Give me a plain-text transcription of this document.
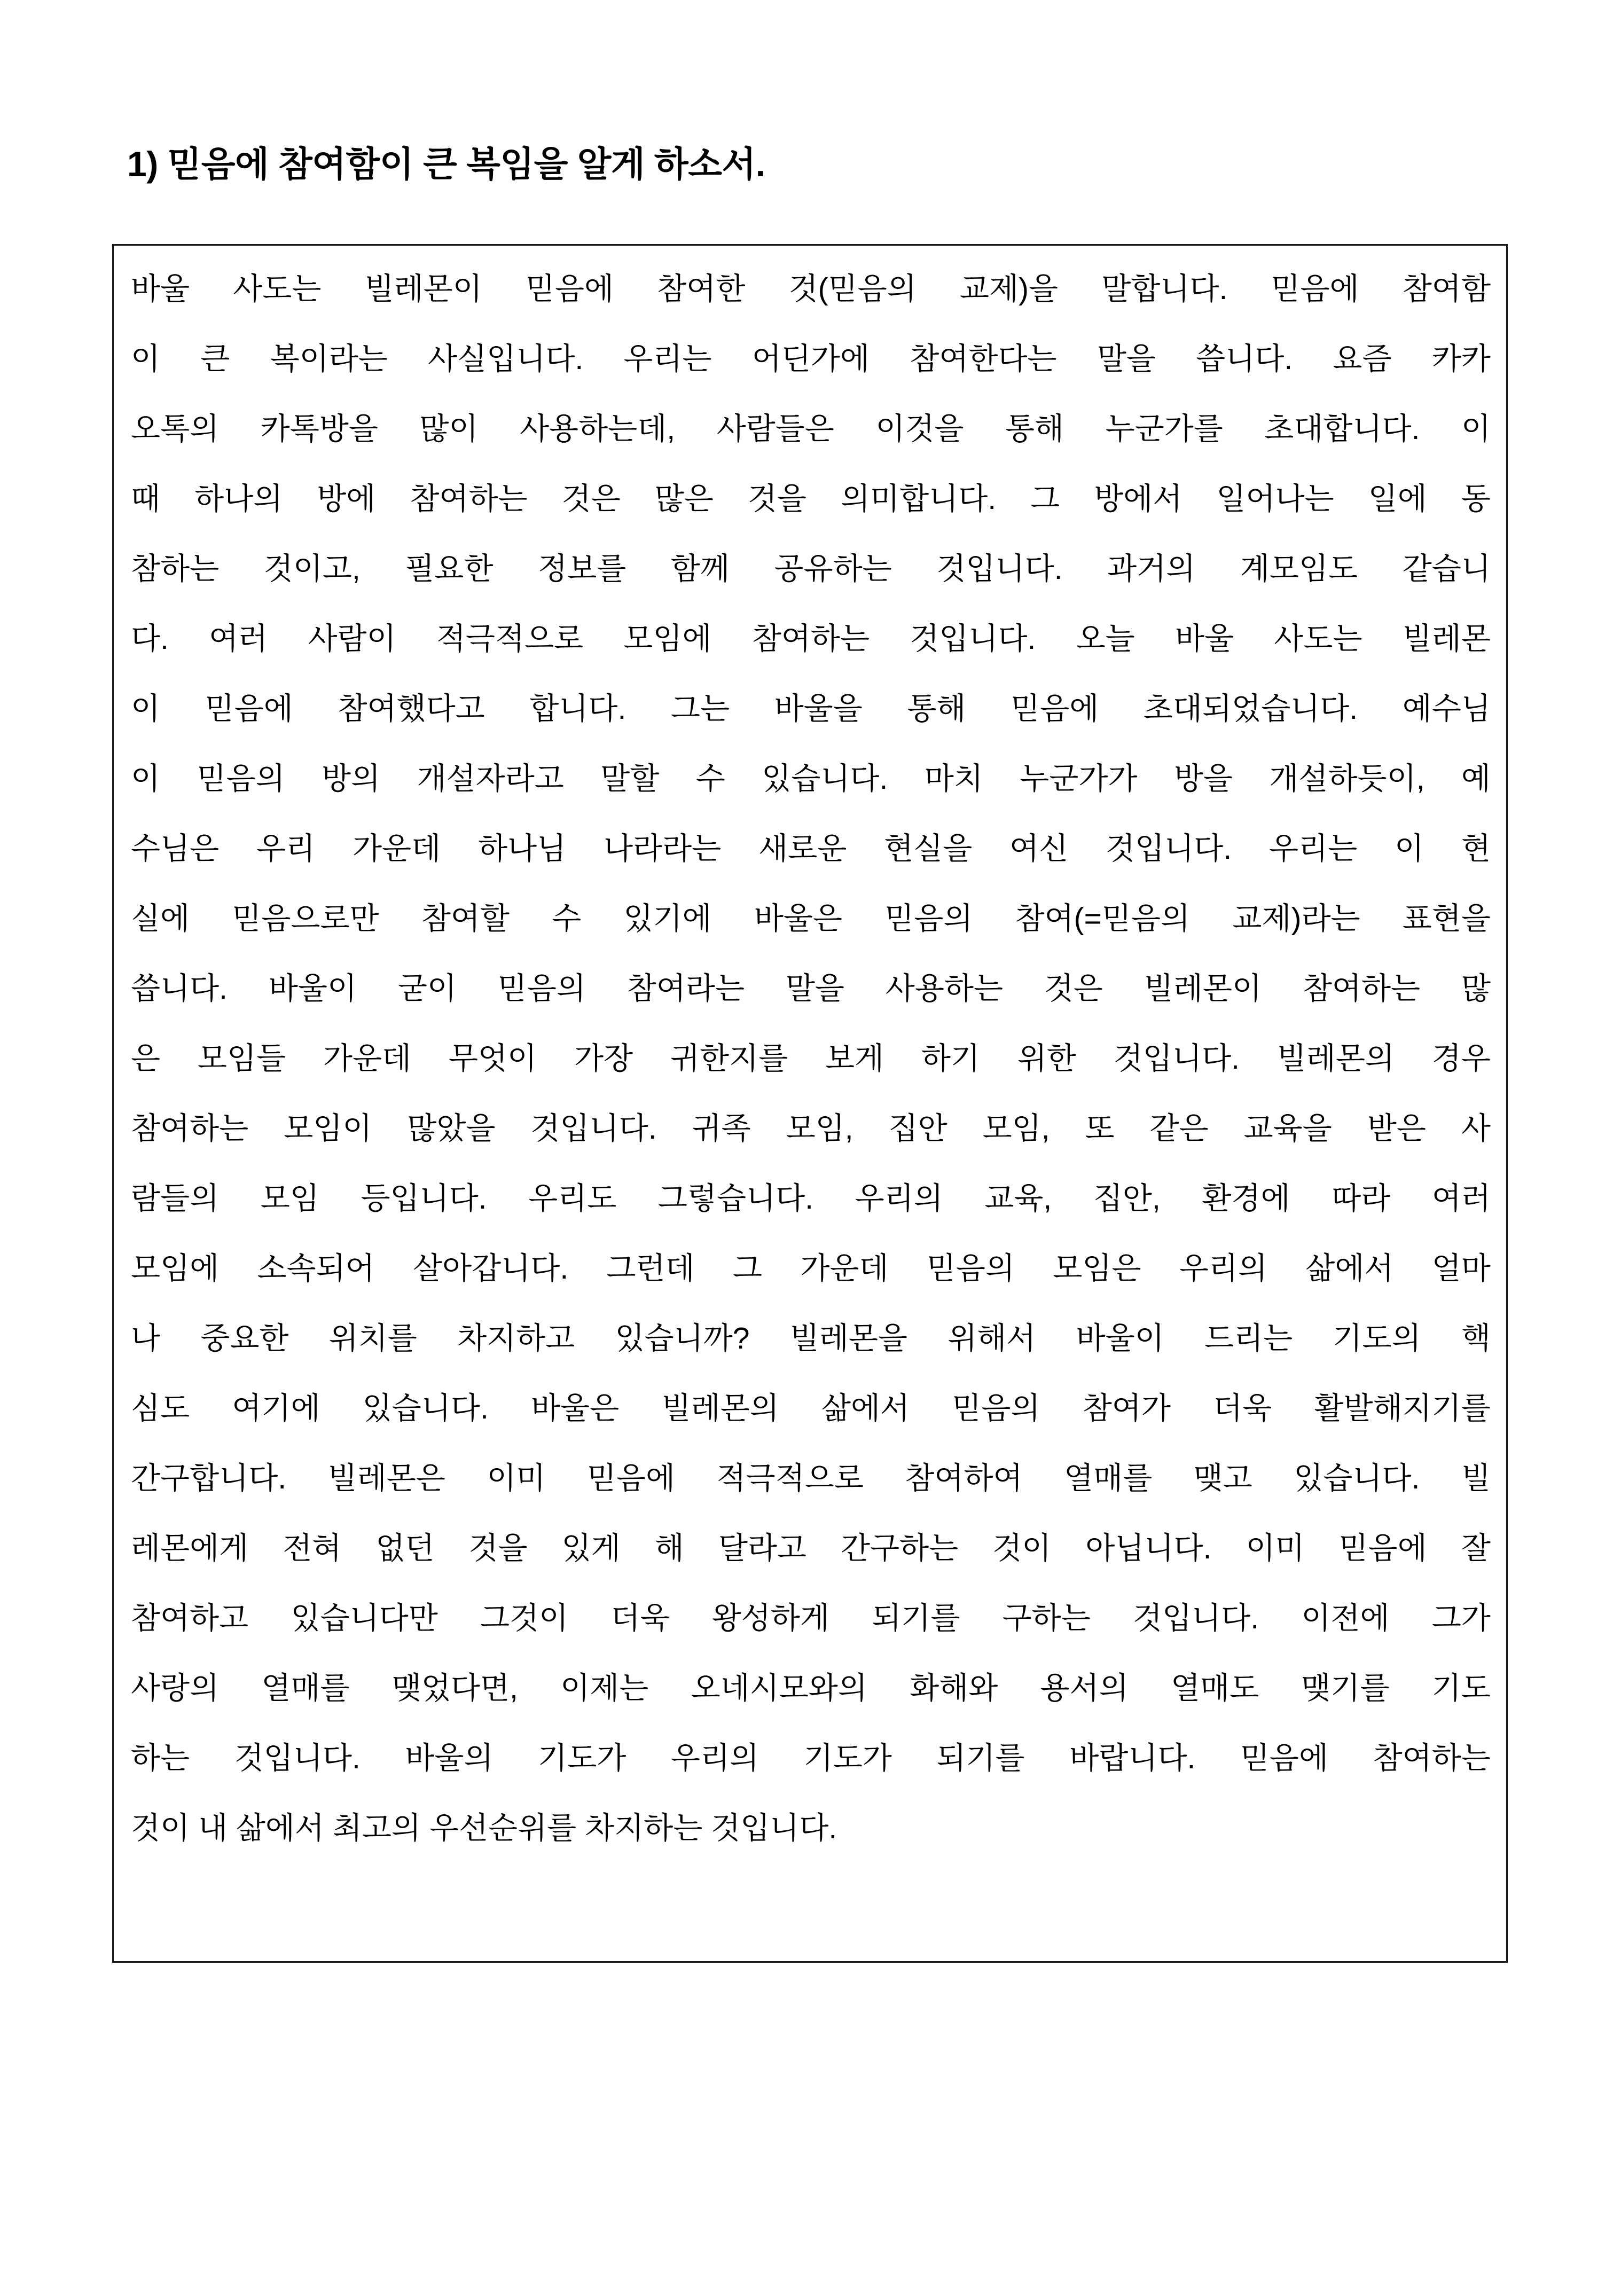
1) 믿음에 참여함이 큰 복임을 알게 하소서.
바울 사도는 빌레몬이 믿음에 참여한 것(믿음의 교제)을 말합니다. 믿음에 참여함
이 큰 복이라는 사실입니다. 우리는 어딘가에 참여한다는 말을 씁니다. 요즘 카카
오톡의 카톡방을 많이 사용하는데, 사람들은 이것을 통해 누군가를 초대합니다. 이
때 하나의 방에 참여하는 것은 많은 것을 의미합니다. 그 방에서 일어나는 일에 동
참하는 것이고, 필요한 정보를 함께 공유하는 것입니다. 과거의 계모임도 같습니
다. 여러 사람이 적극적으로 모임에 참여하는 것입니다. 오늘 바울 사도는 빌레몬
이 믿음에 참여했다고 합니다. 그는 바울을 통해 믿음에 초대되었습니다. 예수님
이 믿음의 방의 개설자라고 말할 수 있습니다. 마치 누군가가 방을 개설하듯이, 예
수님은 우리 가운데 하나님 나라라는 새로운 현실을 여신 것입니다. 우리는 이 현
실에 믿음으로만 참여할 수 있기에 바울은 믿음의 참여(=믿음의 교제)라는 표현을
씁니다. 바울이 굳이 믿음의 참여라는 말을 사용하는 것은 빌레몬이 참여하는 많
은 모임들 가운데 무엇이 가장 귀한지를 보게 하기 위한 것입니다. 빌레몬의 경우
참여하는 모임이 많았을 것입니다. 귀족 모임, 집안 모임, 또 같은 교육을 받은 사
람들의 모임 등입니다. 우리도 그렇습니다. 우리의 교육, 집안, 환경에 따라 여러
모임에 소속되어 살아갑니다. 그런데 그 가운데 믿음의 모임은 우리의 삶에서 얼마
나 중요한 위치를 차지하고 있습니까? 빌레몬을 위해서 바울이 드리는 기도의 핵
심도 여기에 있습니다. 바울은 빌레몬의 삶에서 믿음의 참여가 더욱 활발해지기를
간구합니다. 빌레몬은 이미 믿음에 적극적으로 참여하여 열매를 맺고 있습니다. 빌
레몬에게 전혀 없던 것을 있게 해 달라고 간구하는 것이 아닙니다. 이미 믿음에 잘
참여하고 있습니다만 그것이 더욱 왕성하게 되기를 구하는 것입니다. 이전에 그가
사랑의 열매를 맺었다면, 이제는 오네시모와의 화해와 용서의 열매도 맺기를 기도
하는 것입니다. 바울의 기도가 우리의 기도가 되기를 바랍니다. 믿음에 참여하는
것이 내 삶에서 최고의 우선순위를 차지하는 것입니다.
